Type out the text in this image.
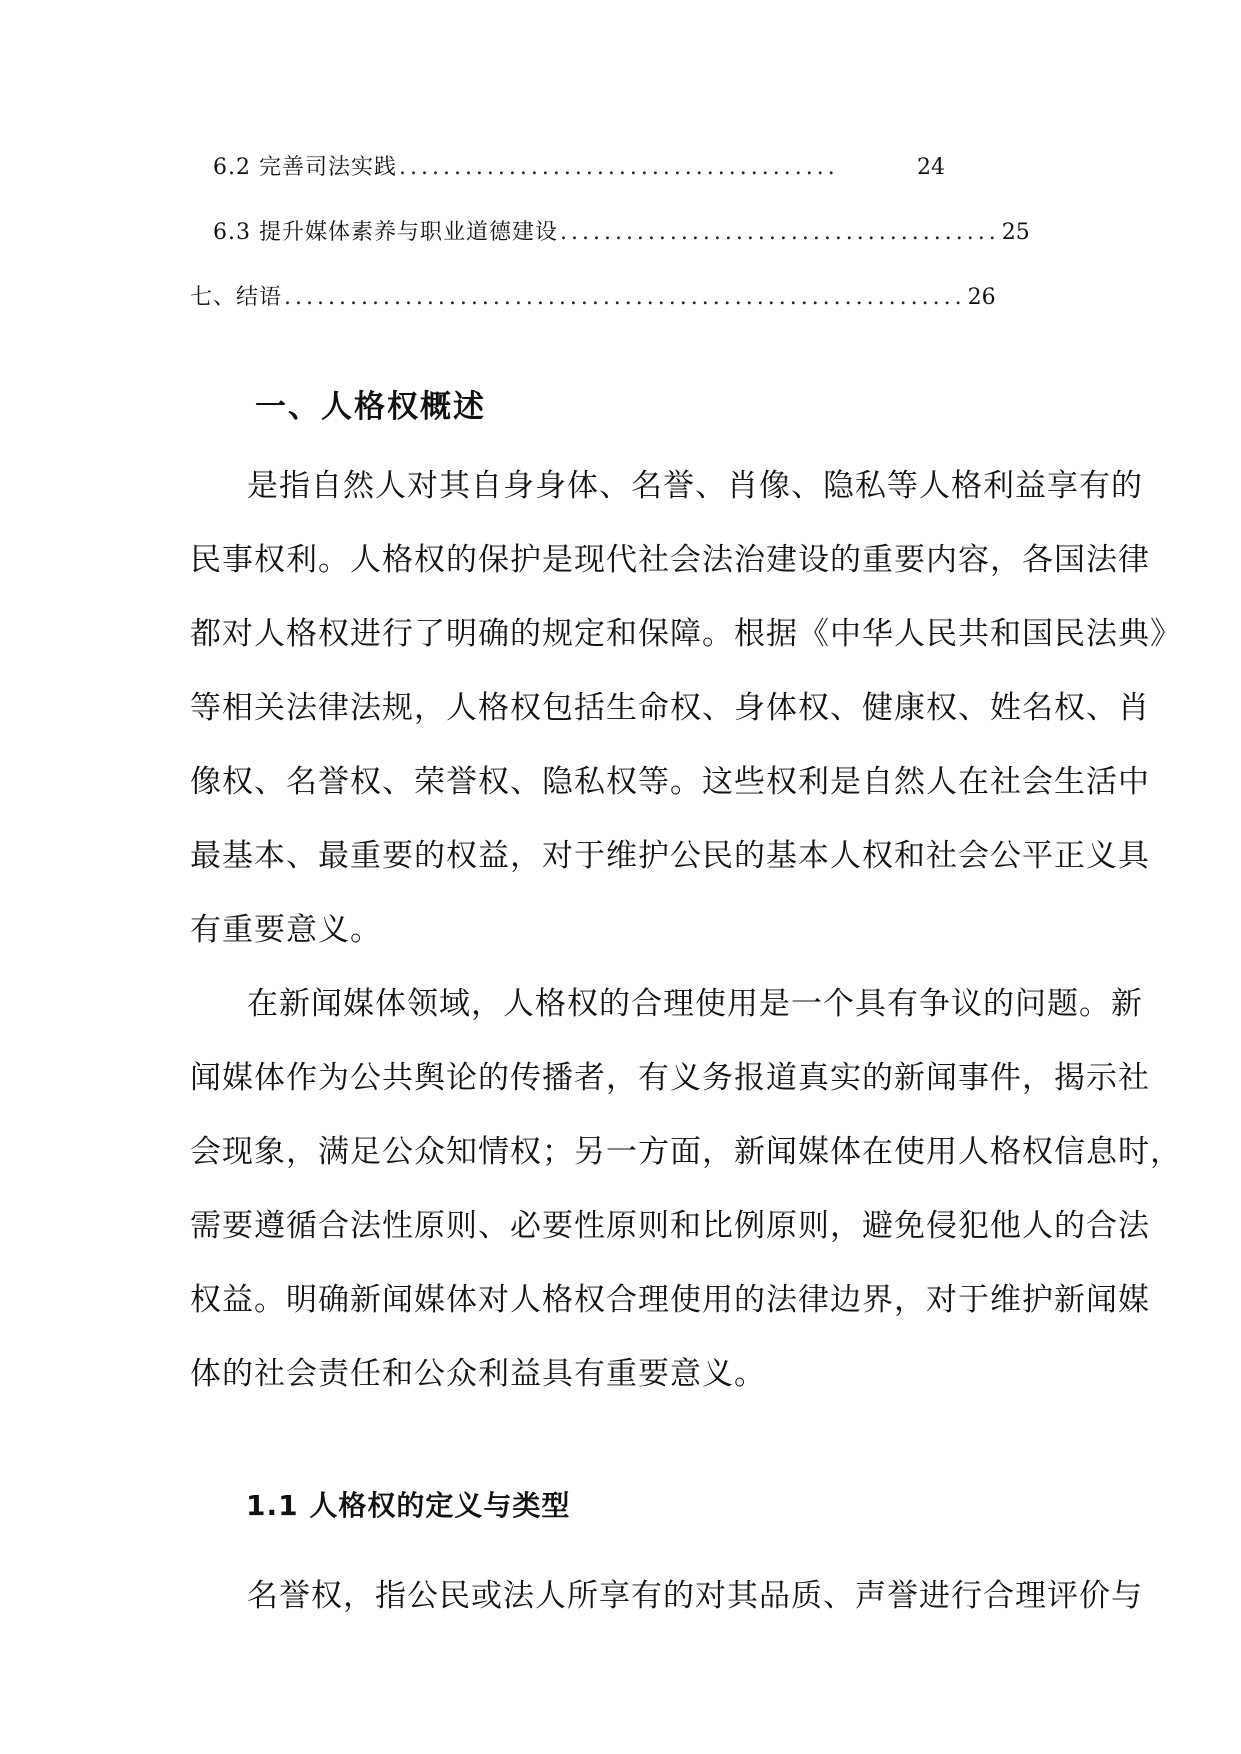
6.2 完善司法实践 ........................................	24
6.3 提升媒体素养与职业道德建设 ........................................ 25
七、结语 .............................................................. 26
一、人格权概述
是指自然人对其自身身体、名誉、肖像、隐私等人格利益享有的
民事权利。人格权的保护是现代社会法治建设的重要内容，各国法律
都对人格权进行了明确的规定和保障。根据《中华人民共和国民法典》
等相关法律法规，人格权包括生命权、身体权、健康权、姓名权、肖
像权、名誉权、荣誉权、隐私权等。这些权利是自然人在社会生活中
最基本、最重要的权益，对于维护公民的基本人权和社会公平正义具
有重要意义。
在新闻媒体领域，人格权的合理使用是一个具有争议的问题。新
闻媒体作为公共舆论的传播者，有义务报道真实的新闻事件，揭示社
会现象，满足公众知情权；另一方面，新闻媒体在使用人格权信息时，
需要遵循合法性原则、必要性原则和比例原则，避免侵犯他人的合法
权益。明确新闻媒体对人格权合理使用的法律边界，对于维护新闻媒
体的社会责任和公众利益具有重要意义。
1.1 人格权的定义与类型
名誉权，指公民或法人所享有的对其品质、声誉进行合理评价与
